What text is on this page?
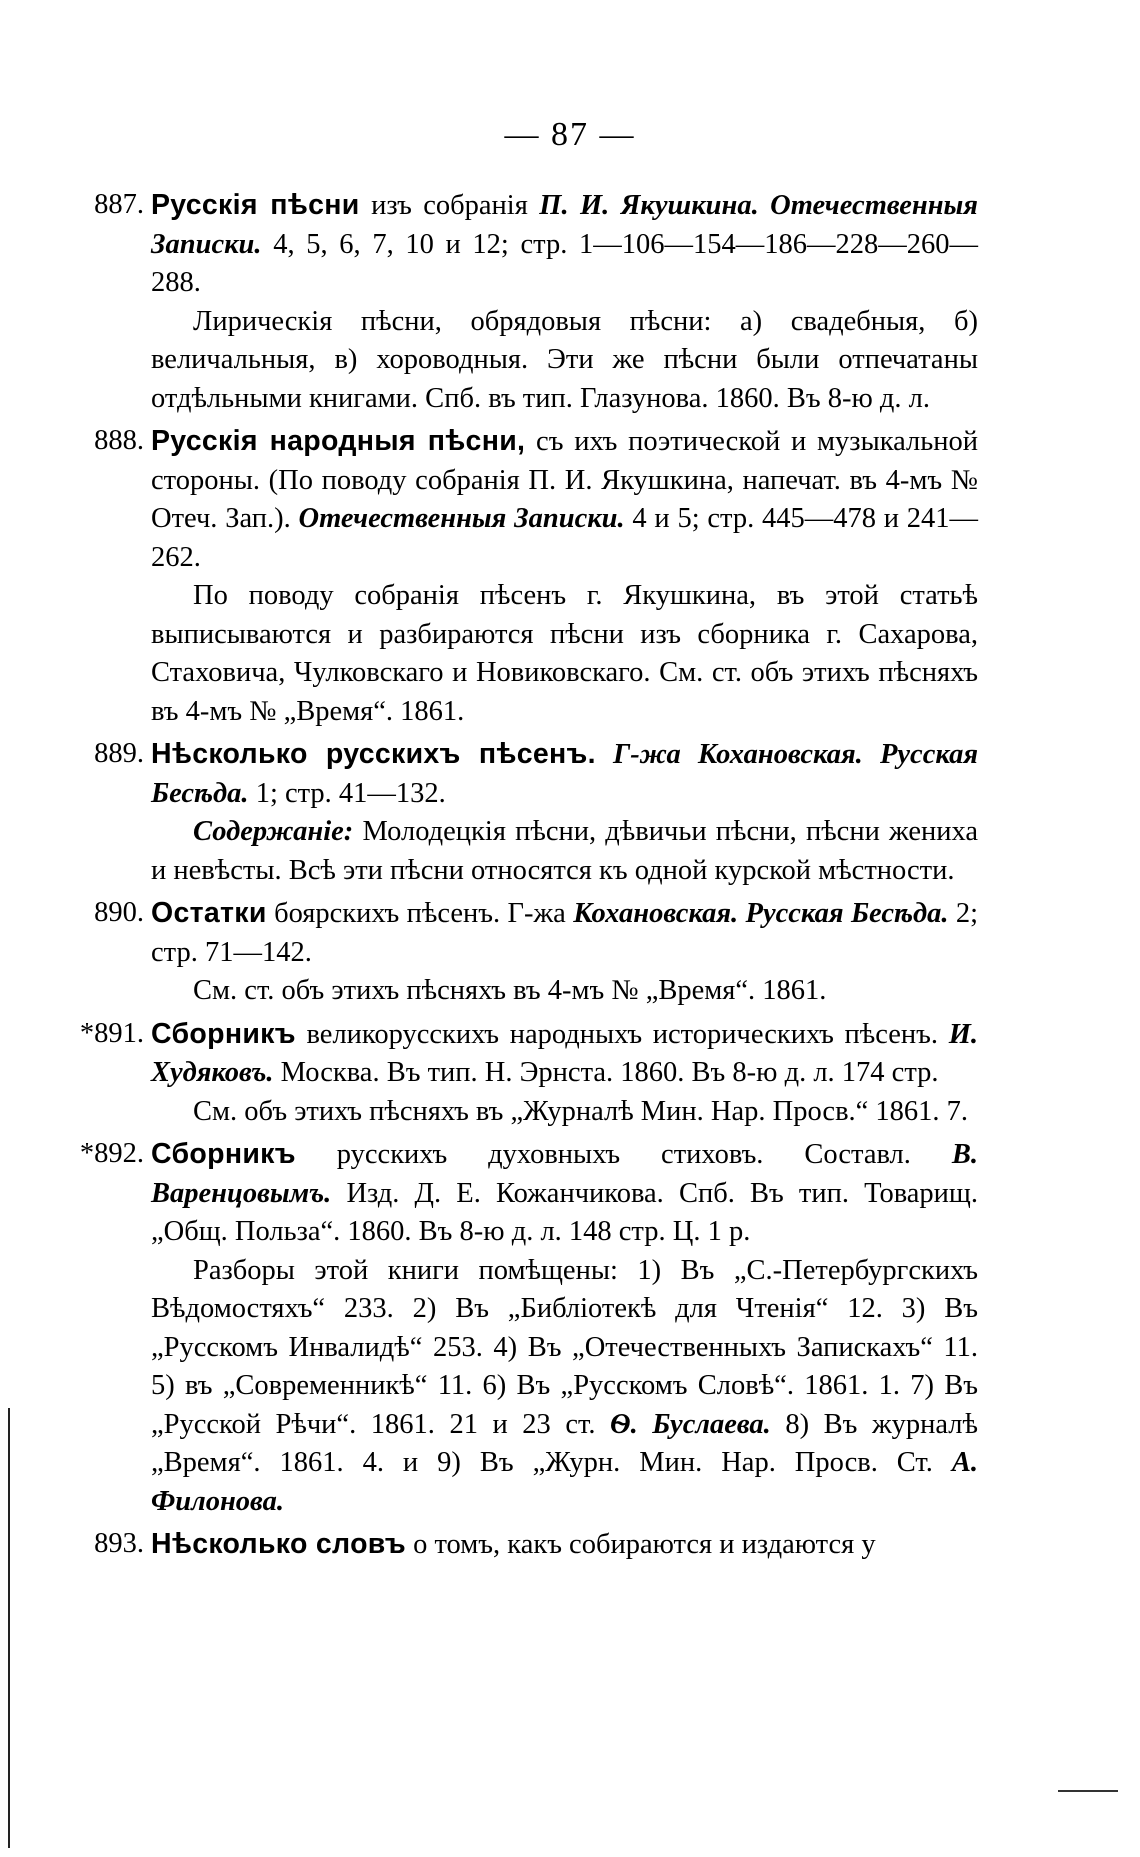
— 87 —
887. Русскія пѣсни изъ собранія П. И. Якушкина. Отечественныя Записки. 4, 5, 6, 7, 10 и 12; стр. 1—106—154—186—228—260—288.
Лирическія пѣсни, обрядовыя пѣсни: а) свадебныя, б) величальныя, в) хороводныя. Эти же пѣсни были отпечатаны отдѣльными книгами. Спб. въ тип. Глазунова. 1860. Въ 8-ю д. л.
888. Русскія народныя пѣсни, съ ихъ поэтической и музыкальной стороны. (По поводу собранія П. И. Якушкина, напечат. въ 4-мъ № Отеч. Зап.). Отечественныя Записки. 4 и 5; стр. 445—478 и 241—262.
По поводу собранія пѣсенъ г. Якушкина, въ этой статьѣ выписываются и разбираются пѣсни изъ сборника г. Сахарова, Стаховича, Чулковскаго и Новиковскаго. См. ст. объ этихъ пѣсняхъ въ 4-мъ № „Время“. 1861.
889. Нѣсколько русскихъ пѣсенъ. Г-жа Кохановская. Русская Бесѣда. 1; стр. 41—132.
Содержаніе: Молодецкія пѣсни, дѣвичьи пѣсни, пѣсни жениха и невѣсты. Всѣ эти пѣсни относятся къ одной курской мѣстности.
890. Остатки боярскихъ пѣсенъ. Г-жа Кохановская. Русская Бесѣда. 2; стр. 71—142.
См. ст. объ этихъ пѣсняхъ въ 4-мъ № „Время“. 1861.
*891. Сборникъ великорусскихъ народныхъ историческихъ пѣсенъ. И. Худяковъ. Москва. Въ тип. Н. Эрнста. 1860. Въ 8-ю д. л. 174 стр.
См. объ этихъ пѣсняхъ въ „Журналѣ Мин. Нар. Просв.“ 1861. 7.
*892. Сборникъ русскихъ духовныхъ стиховъ. Составл. В. Варенцовымъ. Изд. Д. Е. Кожанчикова. Спб. Въ тип. Товарищ. „Общ. Польза“. 1860. Въ 8-ю д. л. 148 стр. Ц. 1 р.
Разборы этой книги помѣщены: 1) Въ „С.-Петербургскихъ Вѣдомостяхъ“ 233. 2) Въ „Библіотекѣ для Чтенія“ 12. 3) Въ „Русскомъ Инвалидѣ“ 253. 4) Въ „Отечественныхъ Запискахъ“ 11. 5) въ „Современникѣ“ 11. 6) Въ „Русскомъ Словѣ“. 1861. 1. 7) Въ „Русской Рѣчи“. 1861. 21 и 23 ст. Ѳ. Буслаева. 8) Въ журналѣ „Время“. 1861. 4. и 9) Въ „Журн. Мин. Нар. Просв. Ст. А. Филонова.
893. Нѣсколько словъ о томъ, какъ собираются и издаются у
